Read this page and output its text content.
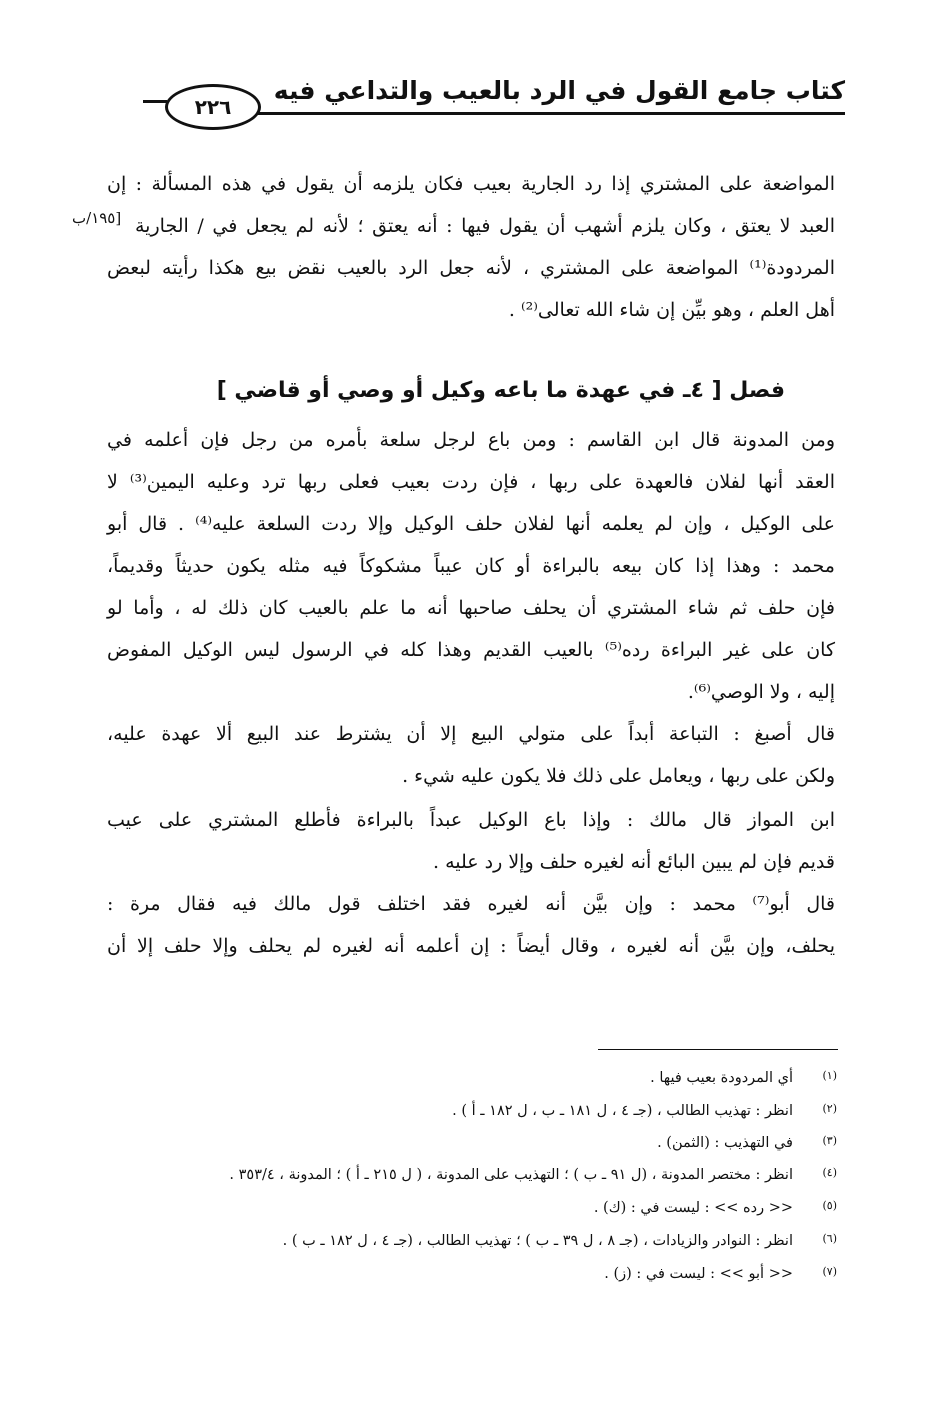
كتاب جامع القول في الرد بالعيب والتداعي فيه
٢٢٦
المواضعة على المشتري إذا رد الجارية بعيب فكان يلزمه أن يقول في هذه المسألة : إن
العبد لا يعتق ، وكان يلزم أشهب أن يقول فيها : أنه يعتق ؛ لأنه لم يجعل في / الجارية
[١٩٥/ب
المردودة⁽¹⁾ المواضعة على المشتري ، لأنه جعل الرد بالعيب نقض بيع هكذا رأيته لبعض
أهل العلم ، وهو بيِّن إن شاء الله تعالى⁽²⁾ .
فصل [ ٤ـ في عهدة ما باعه وكيل أو وصي أو قاضي ]
ومن المدونة قال ابن القاسم : ومن باع لرجل سلعة بأمره من رجل فإن أعلمه في
العقد أنها لفلان فالعهدة على ربها ، فإن ردت بعيب فعلى ربها ترد وعليه اليمين⁽³⁾ لا
على الوكيل ، وإن لم يعلمه أنها لفلان حلف الوكيل وإلا ردت السلعة عليه⁽⁴⁾ . قال أبو
محمد : وهذا إذا كان بيعه بالبراءة أو كان عيباً مشكوكاً فيه مثله يكون حديثاً وقديماً،
فإن حلف ثم شاء المشتري أن يحلف صاحبها أنه ما علم بالعيب كان ذلك له ، وأما لو
كان على غير البراءة رده⁽⁵⁾ بالعيب القديم وهذا كله في الرسول ليس الوكيل المفوض
إليه ، ولا الوصي⁽⁶⁾.
قال أصبغ : التباعة أبداً على متولي البيع إلا أن يشترط عند البيع ألا عهدة عليه،
ولكن على ربها ، ويعامل على ذلك فلا يكون عليه شيء .
ابن المواز قال مالك : وإذا باع الوكيل عبداً بالبراءة فأطلع المشتري على عيب
قديم فإن لم يبين البائع أنه لغيره حلف وإلا رد عليه .
قال أبو⁽⁷⁾ محمد : وإن بيَّن أنه لغيره فقد اختلف قول مالك فيه فقال مرة :
يحلف، وإن بيَّن أنه لغيره ، وقال أيضاً : إن أعلمه أنه لغيره لم يحلف وإلا حلف إلا أن
(١)أي المردودة بعيب فيها .
(٢)انظر : تهذيب الطالب ، (جـ ٤ ، ل ١٨١ ـ ب ، ل ١٨٢ ـ أ ) .
(٣)في التهذيب : (الثمن) .
(٤)انظر : مختصر المدونة ، (ل ٩١ ـ ب ) ؛ التهذيب على المدونة ، ( ل ٢١٥ ـ أ ) ؛ المدونة ، ٣٥٣/٤ .
(٥)<< رده >> : ليست في : (ك) .
(٦)انظر : النوادر والزيادات ، (جـ ٨ ، ل ٣٩ ـ ب ) ؛ تهذيب الطالب ، (جـ ٤ ، ل ١٨٢ ـ ب ) .
(٧)<< أبو >> : ليست في : (ز) .
